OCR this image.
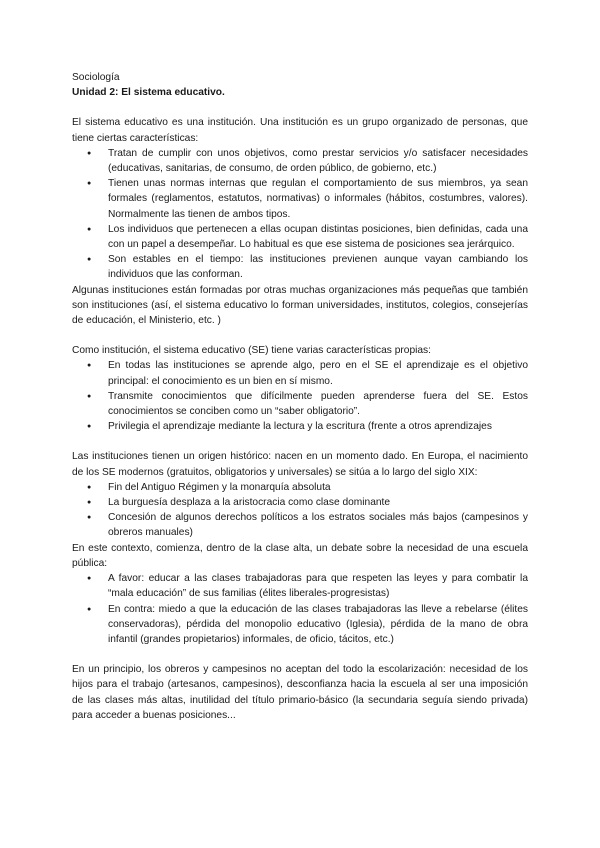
Sociología

Unidad 2: El sistema educativo.

El sistema educativo es una institución. Una institución es un grupo organizado de personas, que tiene ciertas características:

● Tratan de cumplir con unos objetivos, como prestar servicios y/o satisfacer necesidades (educativas, sanitarias, de consumo, de orden público, de gobierno, etc.)
● Tienen unas normas internas que regulan el comportamiento de sus miembros, ya sean formales (reglamentos, estatutos, normativas) o informales (hábitos, costumbres, valores). Normalmente las tienen de ambos tipos.
● Los individuos que pertenecen a ellas ocupan distintas posiciones, bien definidas, cada una con un papel a desempeñar. Lo habitual es que ese sistema de posiciones sea jerárquico.
● Son estables en el tiempo: las instituciones previenen aunque vayan cambiando los individuos que las conforman.

Algunas instituciones están formadas por otras muchas organizaciones más pequeñas que también son instituciones (así, el sistema educativo lo forman universidades, institutos, colegios, consejerías de educación, el Ministerio, etc. )

Como institución, el sistema educativo (SE) tiene varias características propias:

● En todas las instituciones se aprende algo, pero en el SE el aprendizaje es el objetivo principal: el conocimiento es un bien en sí mismo.
● Transmite conocimientos que difícilmente pueden aprenderse fuera del SE. Estos conocimientos se conciben como un “saber obligatorio”.
● Privilegia el aprendizaje mediante la lectura y la escritura (frente a otros aprendizajes

Las instituciones tienen un origen histórico: nacen en un momento dado. En Europa, el nacimiento de los SE modernos (gratuitos, obligatorios y universales) se sitúa a lo largo del siglo XIX:

● Fin del Antiguo Régimen y la monarquía absoluta
● La burguesía desplaza a la aristocracia como clase dominante
● Concesión de algunos derechos políticos a los estratos sociales más bajos (campesinos y obreros manuales)

En este contexto, comienza, dentro de la clase alta, un debate sobre la necesidad de una escuela pública:

● A favor: educar a las clases trabajadoras para que respeten las leyes y para combatir la “mala educación” de sus familias (élites liberales-progresistas)
● En contra: miedo a que la educación de las clases trabajadoras las lleve a rebelarse (élites conservadoras), pérdida del monopolio educativo (Iglesia), pérdida de la mano de obra infantil (grandes propietarios) informales, de oficio, tácitos, etc.)

En un principio, los obreros y campesinos no aceptan del todo la escolarización: necesidad de los hijos para el trabajo (artesanos, campesinos), desconfianza hacia la escuela al ser una imposición de las clases más altas, inutilidad del título primario-básico (la secundaria seguía siendo privada) para acceder a buenas posiciones...
